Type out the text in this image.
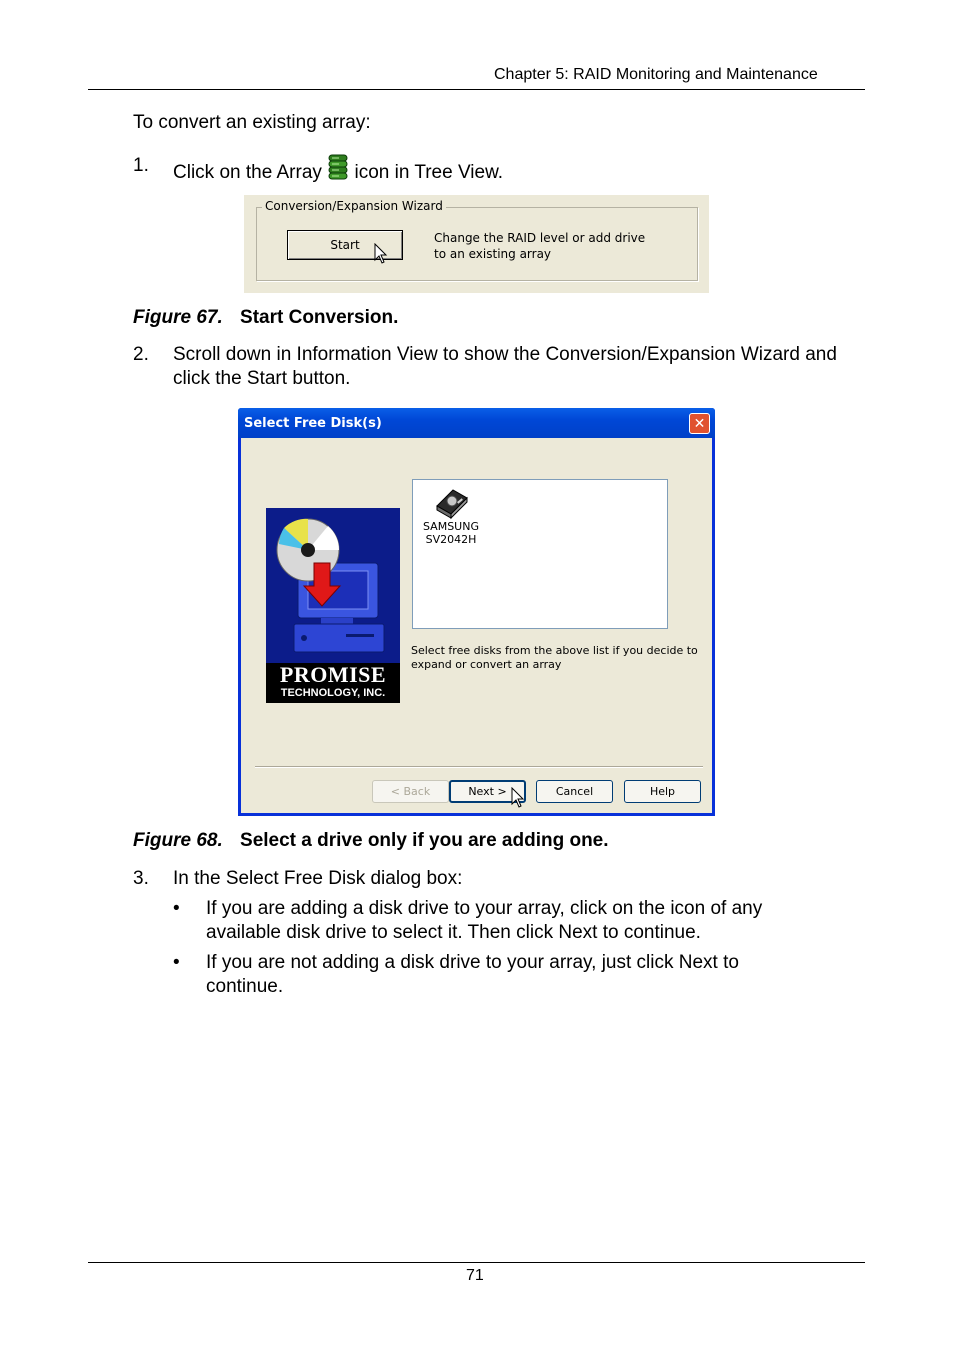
Chapter 5: RAID Monitoring and Maintenance
To convert an existing array:
1. Click on the Array icon in Tree View.
Conversion/Expansion Wizard
Start	Change the RAID level or add drive
to an existing array
Figure 67. Start Conversion.
2. Scroll down in Information View to show the Conversion/Expansion Wizard and click the Start button.
Select Free Disk(s)	✕
PROMISE
TECHNOLOGY, INC.
SAMSUNG
SV2042H
Select free disks from the above list if you decide to
expand or convert an array
< Back	Next >	Cancel	Help
Figure 68. Select a drive only if you are adding one.
3. In the Select Free Disk dialog box:
• If you are adding a disk drive to your array, click on the icon of any
available disk drive to select it. Then click Next to continue.
• If you are not adding a disk drive to your array, just click Next to
continue.
71
